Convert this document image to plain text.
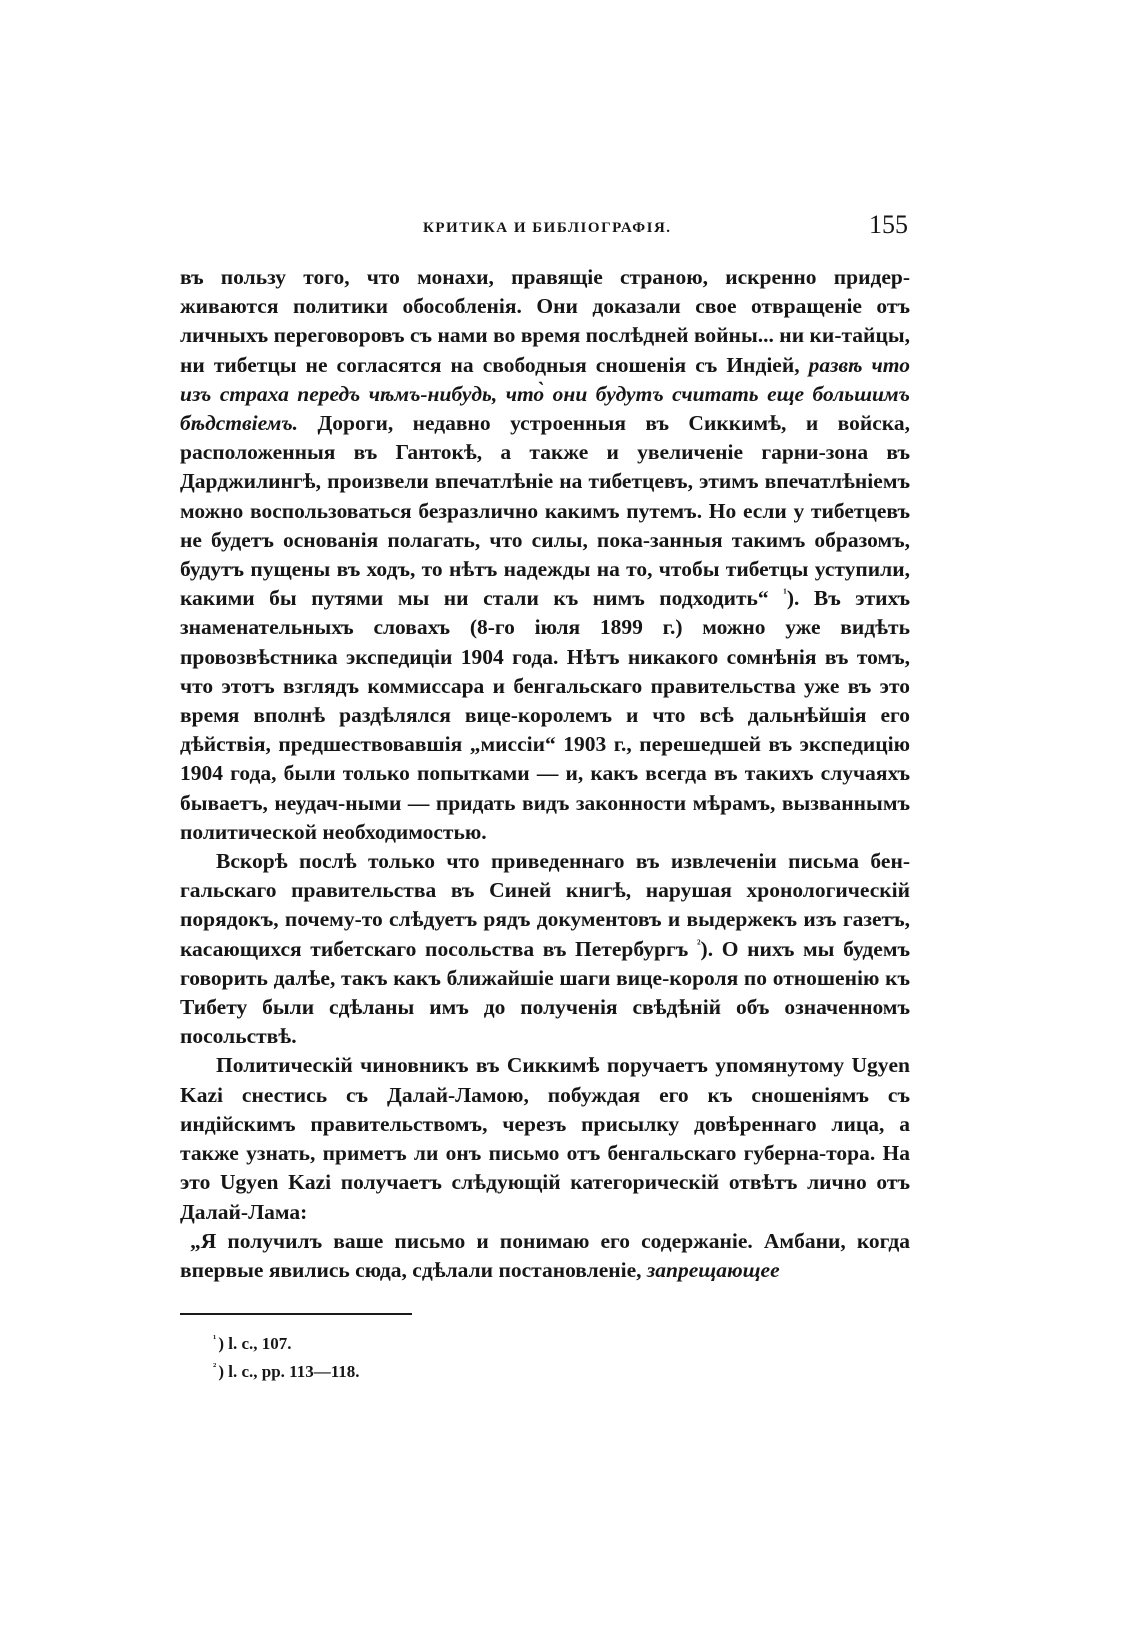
КРИТИКА И БИБЛІОГРАФІЯ.	155

въ пользу того, что монахи, правящіе страною, искренно придер-живаются политики обособленія. Они доказали свое отвращеніе отъ личныхъ переговоровъ съ нами во время послѣдней войны... ни ки-тайцы, ни тибетцы не согласятся на свободныя сношенія съ Индіей, развѣ что изъ страха передъ чѣмъ-нибудь, что̀ они будутъ считать еще большимъ бѣдствіемъ. Дороги, недавно устроенныя въ Сиккимѣ, и войска, расположенныя въ Гантокѣ, а также и увеличеніе гарни-зона въ Дарджилингѣ, произвели впечатлѣніе на тибетцевъ, этимъ впечатлѣніемъ можно воспользоваться безразлично какимъ путемъ. Но если у тибетцевъ не будетъ основанія полагать, что силы, пока-занныя такимъ образомъ, будутъ пущены въ ходъ, то нѣтъ надежды на то, чтобы тибетцы уступили, какими бы путями мы ни стали къ нимъ подходить“ $^{^1}$). Въ этихъ знаменательныхъ словахъ (8-го іюля 1899 г.) можно уже видѣть провозвѣстника экспедиціи 1904 года. Нѣтъ никакого сомнѣнія въ томъ, что этотъ взглядъ коммиссара и бенгальскаго правительства уже въ это время вполнѣ раздѣлялся вице-королемъ и что всѣ дальнѣйшія его дѣйствія, предшествовавшія „миссіи“ 1903 г., перешедшей въ экспедицію 1904 года, были только попытками — и, какъ всегда въ такихъ случаяхъ бываетъ, неудач-ными — придать видъ законности мѣрамъ, вызваннымъ политической необходимостью.

Вскорѣ послѣ только что приведеннаго въ извлеченіи письма бен-гальскаго правительства въ Синей книгѣ, нарушая хронологическій порядокъ, почему-то слѣдуетъ рядъ документовъ и выдержекъ изъ газетъ, касающихся тибетскаго посольства въ Петербургъ $^{^2}$). О нихъ мы будемъ говорить далѣе, такъ какъ ближайшіе шаги вице-короля по отношенію къ Тибету были сдѣланы имъ до полученія свѣдѣній объ означенномъ посольствѣ.

Политическій чиновникъ въ Сиккимѣ поручаетъ упомянутому Ugyen Kazi снестись съ Далай-Ламою, побуждая его къ сношеніямъ съ индійскимъ правительствомъ, черезъ присылку довѣреннаго лица, а также узнать, приметъ ли онъ письмо отъ бенгальскаго губерна-тора. На это Ugyen Kazi получаетъ слѣдующій категорическій отвѣтъ лично отъ Далай-Лама:

„Я получилъ ваше письмо и понимаю его содержаніе. Амбани, когда впервые явились сюда, сдѣлали постановленіе, запрещающее

$^{^1}$ ) l. c., 107.

$^{^2}$ ) l. c., pp. 113—118.
